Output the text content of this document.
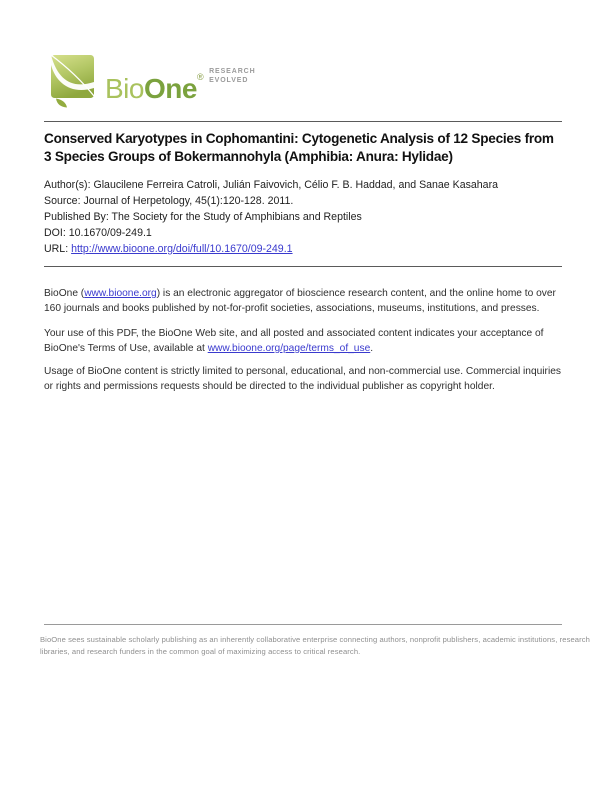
BioOne®
RESEARCH
EVOLVED
Conserved Karyotypes in Cophomantini: Cytogenetic Analysis of 12 Species from
3 Species Groups of Bokermannohyla (Amphibia: Anura: Hylidae)
Author(s): Glaucilene Ferreira Catroli, Julián Faivovich, Célio F. B. Haddad, and Sanae Kasahara
Source: Journal of Herpetology, 45(1):120-128. 2011.
Published By: The Society for the Study of Amphibians and Reptiles
DOI: 10.1670/09-249.1
URL: http://www.bioone.org/doi/full/10.1670/09-249.1
BioOne (www.bioone.org) is an electronic aggregator of bioscience research content, and the online home to over
160 journals and books published by not-for-profit societies, associations, museums, institutions, and presses.
Your use of this PDF, the BioOne Web site, and all posted and associated content indicates your acceptance of
BioOne's Terms of Use, available at www.bioone.org/page/terms_of_use.
Usage of BioOne content is strictly limited to personal, educational, and non-commercial use. Commercial inquiries
or rights and permissions requests should be directed to the individual publisher as copyright holder.
BioOne sees sustainable scholarly publishing as an inherently collaborative enterprise connecting authors, nonprofit publishers, academic institutions, research
libraries, and research funders in the common goal of maximizing access to critical research.
